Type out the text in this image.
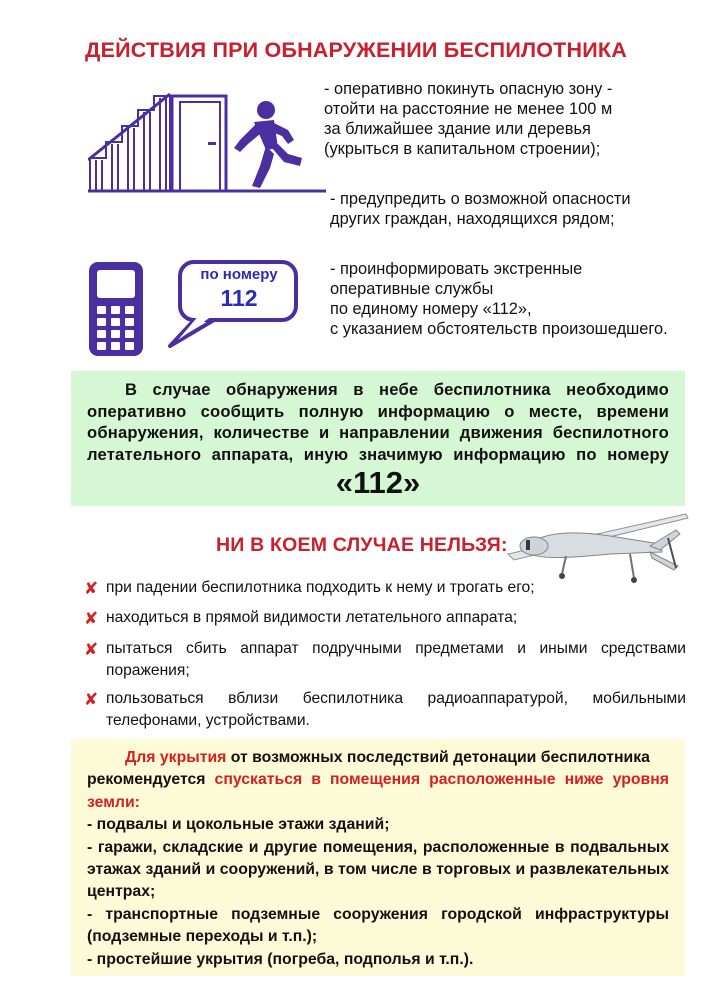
ДЕЙСТВИЯ ПРИ ОБНАРУЖЕНИИ БЕСПИЛОТНИКА
по номеру
112
- оперативно покинуть опасную зону -
отойти на расстояние не менее 100 м
за ближайшее здание или деревья
(укрыться в капитальном строении);
- предупредить о возможной опасности
других граждан, находящихся рядом;
- проинформировать экстренные
оперативные службы
по единому номеру «112»,
с указанием обстоятельств произошедшего.
В случае обнаружения в небе беспилотника необходимо оперативно сообщить полную информацию о месте, времени обнаружения, количестве и направлении движения беспилотного летательного аппарата, иную значимую информацию по номеру
«112»
НИ В КОЕМ СЛУЧАЕ НЕЛЬЗЯ:
✘ при падении беспилотника подходить к нему и трогать его;
✘ находиться в прямой видимости летательного аппарата;
✘ пытаться сбить аппарат подручными предметами и иными средствами поражения;
✘ пользоваться вблизи беспилотника радиоаппаратурой, мобильными телефонами, устройствами.
Для укрытия от возможных последствий детонации беспилотника
рекомендуется спускаться в помещения расположенные ниже уровня земли:
- подвалы и цокольные этажи зданий;
- гаражи, складские и другие помещения, расположенные в подвальных этажах зданий и сооружений, в том числе в торговых и развлекательных центрах;
- транспортные подземные сооружения городской инфраструктуры (подземные переходы и т.п.);
- простейшие укрытия (погреба, подполья и т.п.).
